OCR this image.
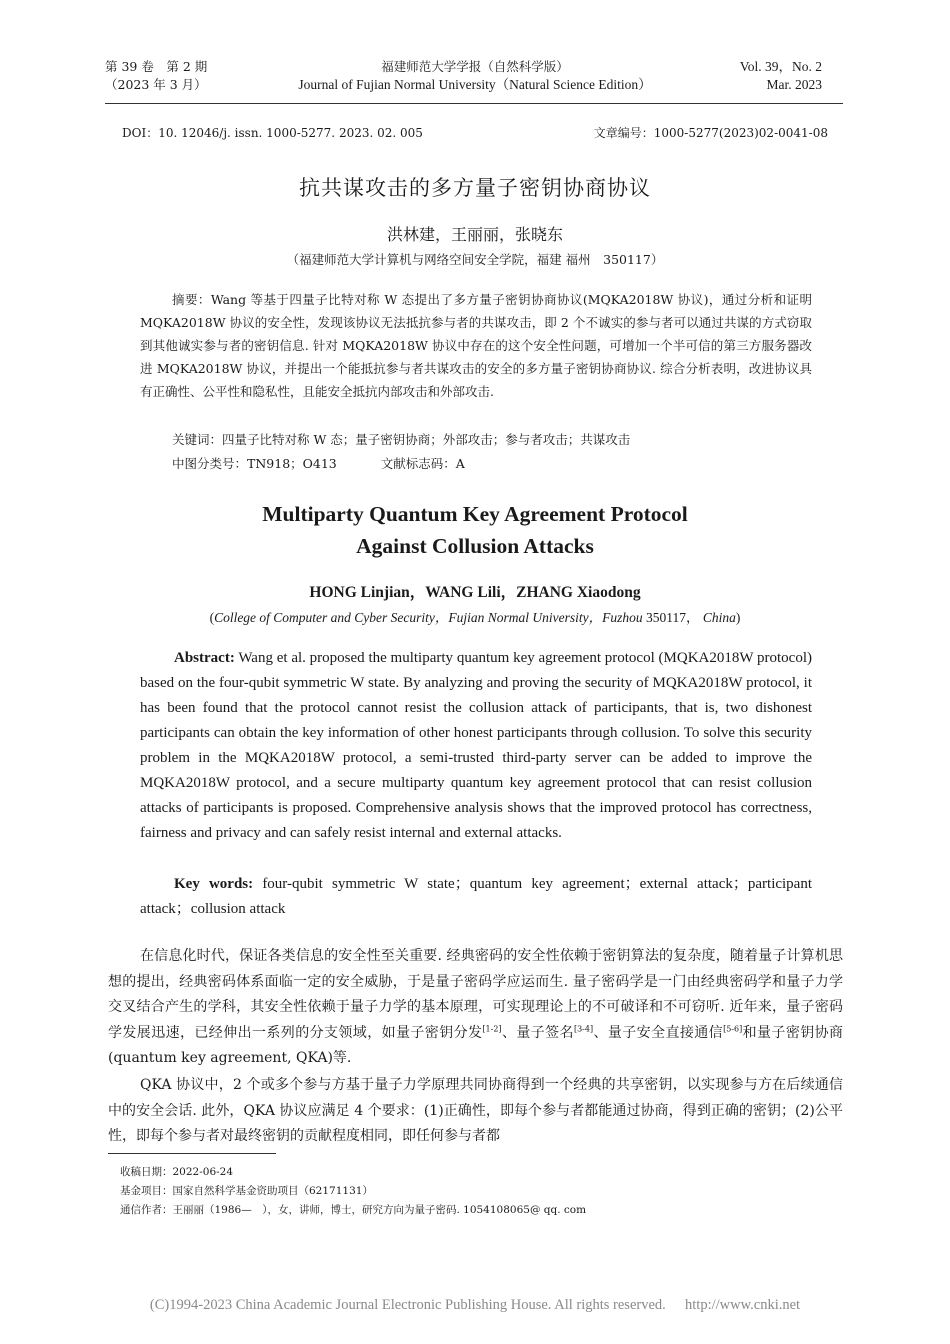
第 39 卷　第 2 期
（2023 年 3 月）
福建师范大学学报（自然科学版）
Journal of Fujian Normal University（Natural Science Edition）
Vol. 39，No. 2
Mar. 2023
DOI：10. 12046/j. issn. 1000-5277. 2023. 02. 005	文章编号：1000-5277(2023)02-0041-08
抗共谋攻击的多方量子密钥协商协议
洪林建，王丽丽，张晓东
（福建师范大学计算机与网络空间安全学院，福建 福州　350117）
摘要：Wang 等基于四量子比特对称 W 态提出了多方量子密钥协商协议(MQKA2018W 协议)，通过分析和证明 MQKA2018W 协议的安全性，发现该协议无法抵抗参与者的共谋攻击，即 2 个不诚实的参与者可以通过共谋的方式窃取到其他诚实参与者的密钥信息. 针对 MQKA2018W 协议中存在的这个安全性问题，可增加一个半可信的第三方服务器改进 MQKA2018W 协议，并提出一个能抵抗参与者共谋攻击的安全的多方量子密钥协商协议. 综合分析表明，改进协议具有正确性、公平性和隐私性，且能安全抵抗内部攻击和外部攻击.
关键词：四量子比特对称 W 态；量子密钥协商；外部攻击；参与者攻击；共谋攻击
中图分类号：TN918；O413	文献标志码：A
Multiparty Quantum Key Agreement Protocol
Against Collusion Attacks
HONG Linjian，WANG Lili，ZHANG Xiaodong
(College of Computer and Cyber Security，Fujian Normal University，Fuzhou 350117， China)
Abstract: Wang et al. proposed the multiparty quantum key agreement protocol (MQKA2018W protocol) based on the four-qubit symmetric W state. By analyzing and proving the security of MQKA2018W protocol, it has been found that the protocol cannot resist the collusion attack of participants, that is, two dishonest participants can obtain the key information of other honest participants through collusion. To solve this security problem in the MQKA2018W protocol, a semi-trusted third-party server can be added to improve the MQKA2018W protocol, and a secure multiparty quantum key agreement protocol that can resist collusion attacks of participants is proposed. Comprehensive analysis shows that the improved protocol has correctness, fairness and privacy and can safely resist internal and external attacks.
Key words: four-qubit symmetric W state；quantum key agreement；external attack；participant attack；collusion attack
在信息化时代，保证各类信息的安全性至关重要. 经典密码的安全性依赖于密钥算法的复杂度，随着量子计算机思想的提出，经典密码体系面临一定的安全威胁，于是量子密码学应运而生. 量子密码学是一门由经典密码学和量子力学交叉结合产生的学科，其安全性依赖于量子力学的基本原理，可实现理论上的不可破译和不可窃听. 近年来，量子密码学发展迅速，已经伸出一系列的分支领域，如量子密钥分发[1-2]、量子签名[3-4]、量子安全直接通信[5-6]和量子密钥协商(quantum key agreement, QKA)等.
QKA 协议中，2 个或多个参与方基于量子力学原理共同协商得到一个经典的共享密钥，以实现参与方在后续通信中的安全会话. 此外，QKA 协议应满足 4 个要求：(1)正确性，即每个参与者都能通过协商，得到正确的密钥；(2)公平性，即每个参与者对最终密钥的贡献程度相同，即任何参与者都
收稿日期：2022-06-24
基金项目：国家自然科学基金资助项目（62171131）
通信作者：王丽丽（1986—　），女，讲师，博士，研究方向为量子密码. 1054108065@ qq. com
(C)1994-2023 China Academic Journal Electronic Publishing House. All rights reserved. http://www.cnki.net
